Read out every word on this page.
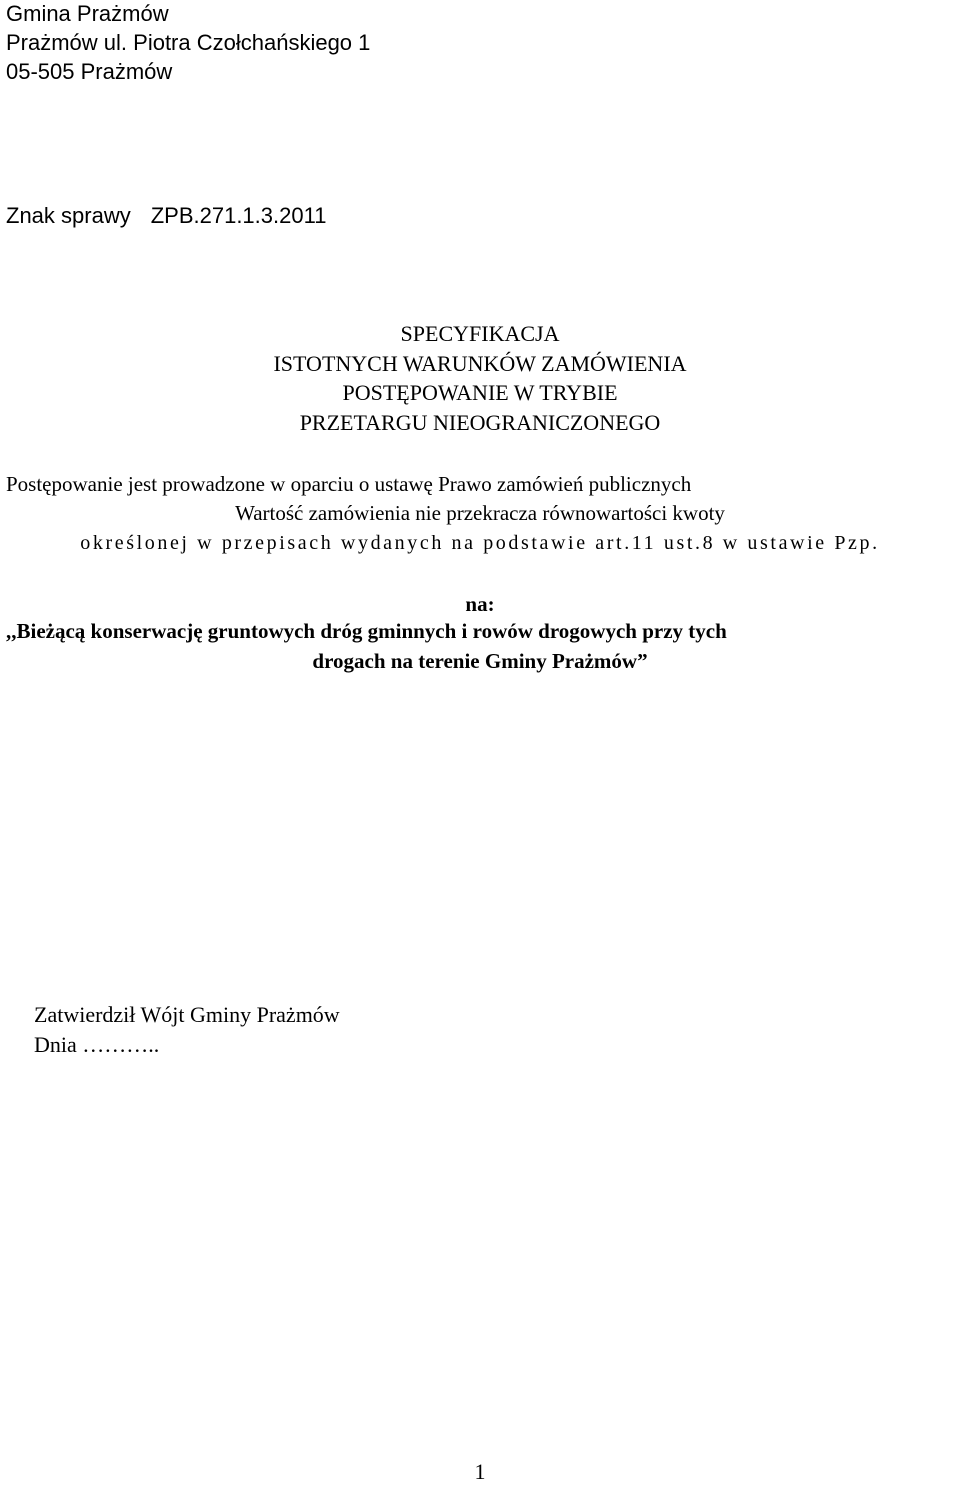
Gmina Prażmów
Prażmów ul. Piotra Czołchańskiego 1
05-505 Prażmów
Znak sprawy ZPB.271.1.3.2011
SPECYFIKACJA
ISTOTNYCH WARUNKÓW ZAMÓWIENIA
POSTĘPOWANIE W TRYBIE
PRZETARGU NIEOGRANICZONEGO
Postępowanie jest prowadzone w oparciu o ustawę Prawo zamówień publicznych
Wartość zamówienia nie przekracza równowartości kwoty
określonej w przepisach wydanych na podstawie art.11 ust.8 w ustawie Pzp.
na:
,,Bieżącą konserwację gruntowych dróg gminnych i rowów drogowych przy tych
drogach na terenie Gminy Prażmów”
Zatwierdził Wójt Gminy Prażmów
Dnia ………..
1
